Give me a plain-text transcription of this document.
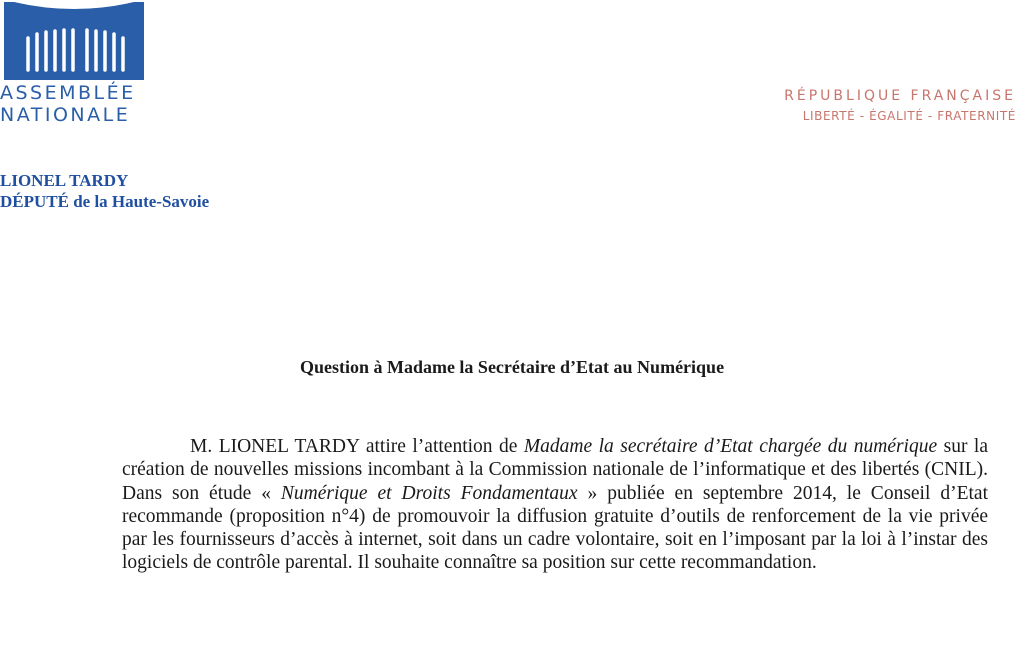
ASSEMBLÉE
NATIONALE
RÉPUBLIQUE FRANÇAISE
LIBERTÉ - ÉGALITÉ - FRATERNITÉ
LIONEL TARDY
DÉPUTÉ de la Haute-Savoie
Question à Madame la Secrétaire d’Etat au Numérique

M. LIONEL TARDY attire l’attention de Madame la secrétaire d’Etat chargée du numérique sur la création de nouvelles missions incombant à la Commission nationale de l’informatique et des libertés (CNIL). Dans son étude « Numérique et Droits Fondamentaux » publiée en septembre 2014, le Conseil d’Etat recommande (proposition n°4) de promouvoir la diffusion gratuite d’outils de renforcement de la vie privée par les fournisseurs d’accès à internet, soit dans un cadre volontaire, soit en l’imposant par la loi à l’instar des logiciels de contrôle parental. Il souhaite connaître sa position sur cette recommandation.
